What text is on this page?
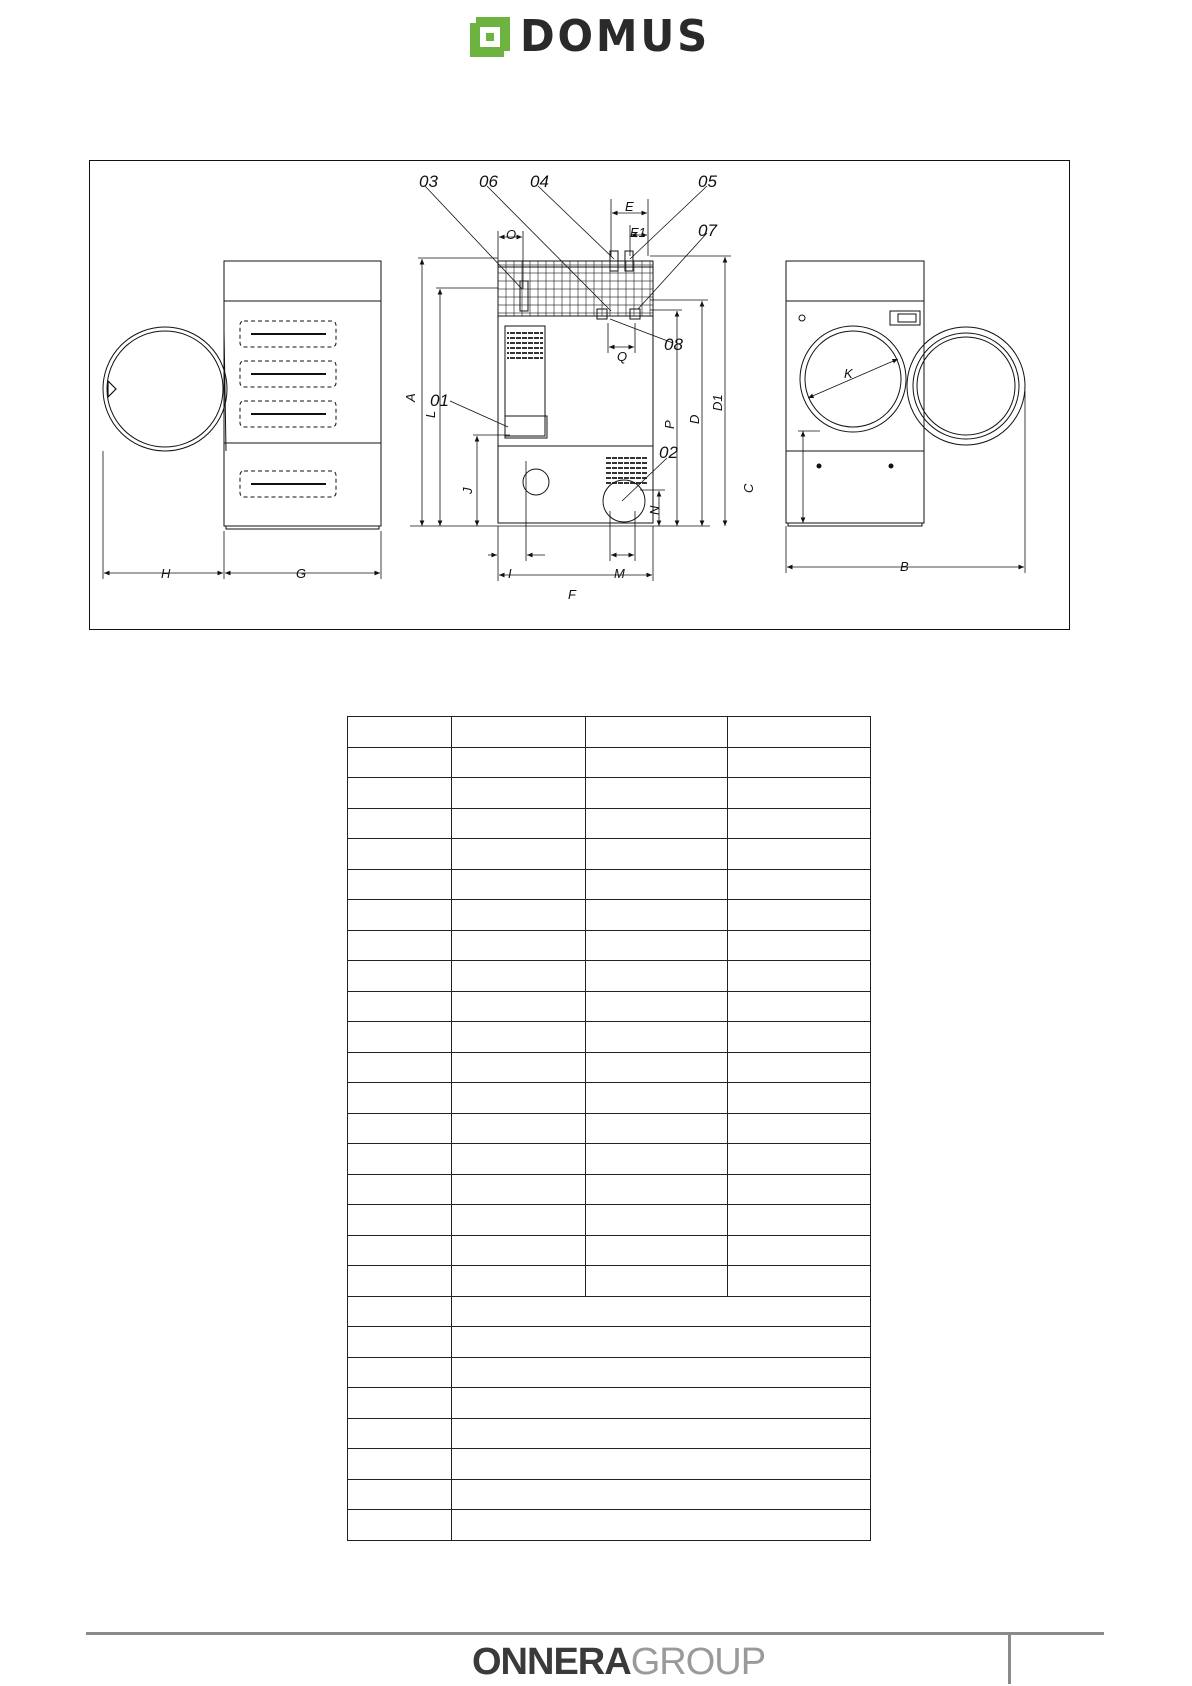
DOMUS
03 06 04	05
07
08
01
02
A
L
J
P
D
D1
N
C
O
E
E1
Q
H	G	I	M
F
K
B

ONNERAGROUP
